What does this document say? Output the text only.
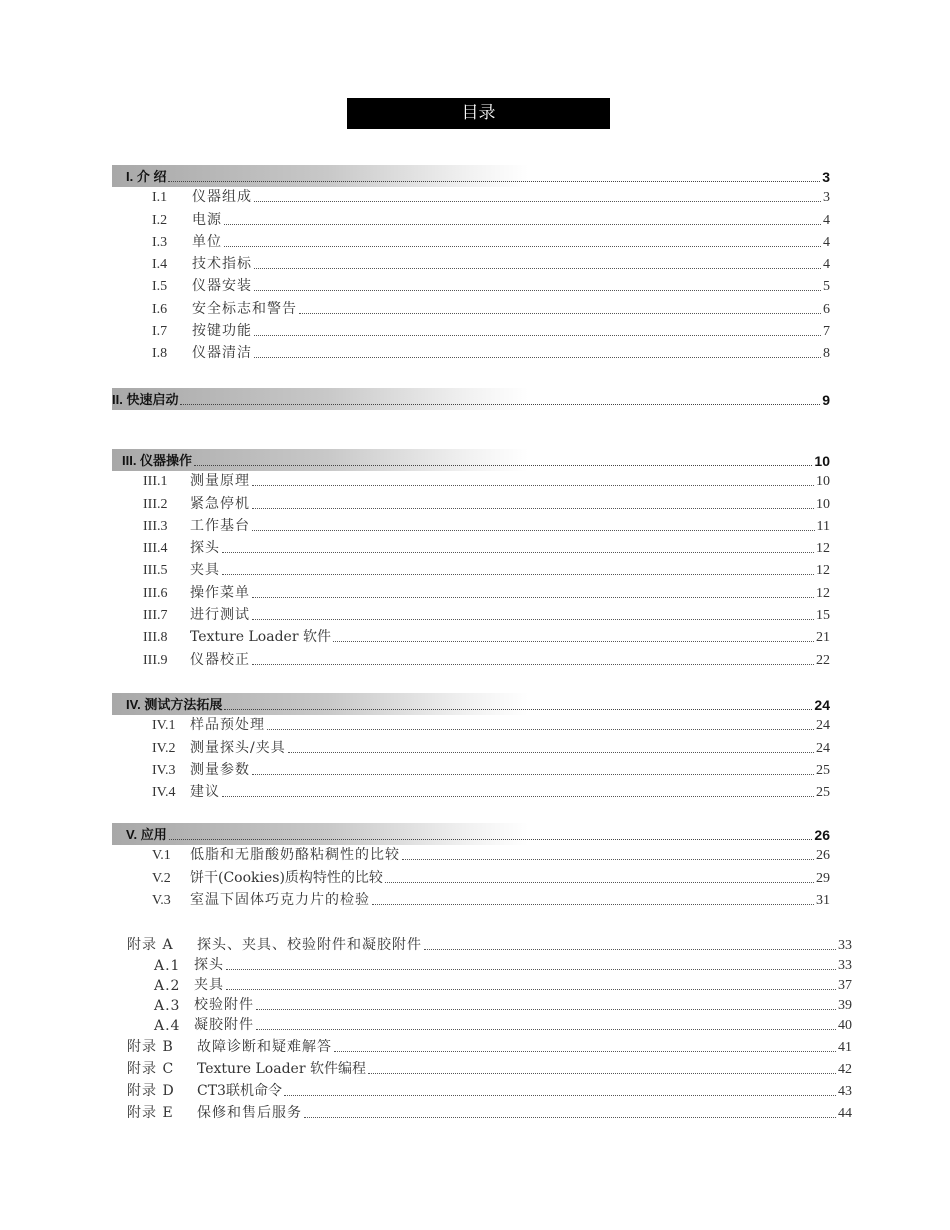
目录
I. 介 绍	3
I.1	仪器组成	3
I.2	电源	4
I.3	单位	4
I.4	技术指标	4
I.5	仪器安装	5
I.6	安全标志和警告	6
I.7	按键功能	7
I.8	仪器清洁	8
II. 快速启动	9
III. 仪器操作	10
III.1	测量原理	10
III.2	紧急停机	10
III.3	工作基台	11
III.4	探头	12
III.5	夹具	12
III.6	操作菜单	12
III.7	进行测试	15
III.8	Texture Loader 软件	21
III.9	仪器校正	22
IV. 测试方法拓展	24
IV.1	样品预处理	24
IV.2	测量探头/夹具	24
IV.3	测量参数	25
IV.4	建议	25
V. 应用	26
V.1	低脂和无脂酸奶酪粘稠性的比较	26
V.2	饼干(Cookies)质构特性的比较	29
V.3	室温下固体巧克力片的检验	31
附录 A	探头、夹具、校验附件和凝胶附件	33
A.1 探头	33
A.2 夹具	37
A.3 校验附件	39
A.4 凝胶附件	40
附录 B	故障诊断和疑难解答	41
附录 C	Texture Loader 软件编程	42
附录 D	CT3联机命令	43
附录 E	保修和售后服务	44
